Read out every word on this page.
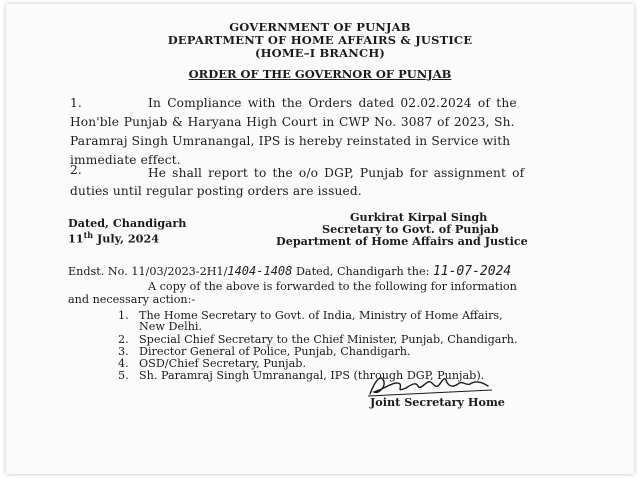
GOVERNMENT OF PUNJAB
DEPARTMENT OF HOME AFFAIRS & JUSTICE
(HOME–I BRANCH)
ORDER OF THE GOVERNOR OF PUNJAB
1.	In Compliance with the Orders dated 02.02.2024 of the
Hon'ble Punjab & Haryana High Court in CWP No. 3087 of 2023, Sh.
Paramraj Singh Umranangal, IPS is hereby reinstated in Service with
immediate effect.
2.	He shall report to the o/o DGP, Punjab for assignment of
duties until regular posting orders are issued.
Dated, Chandigarh
11th July, 2024
Gurkirat Kirpal Singh
Secretary to Govt. of Punjab
Department of Home Affairs and Justice
Endst. No. 11/03/2023-2H1/1404-1408 Dated, Chandigarh the: 11-07-2024
A copy of the above is forwarded to the following for information
and necessary action:-
1. The Home Secretary to Govt. of India, Ministry of Home Affairs,
New Delhi.
2. Special Chief Secretary to the Chief Minister, Punjab, Chandigarh.
3. Director General of Police, Punjab, Chandigarh.
4. OSD/Chief Secretary, Punjab.
5. Sh. Paramraj Singh Umranangal, IPS (through DGP, Punjab).
Joint Secretary Home
